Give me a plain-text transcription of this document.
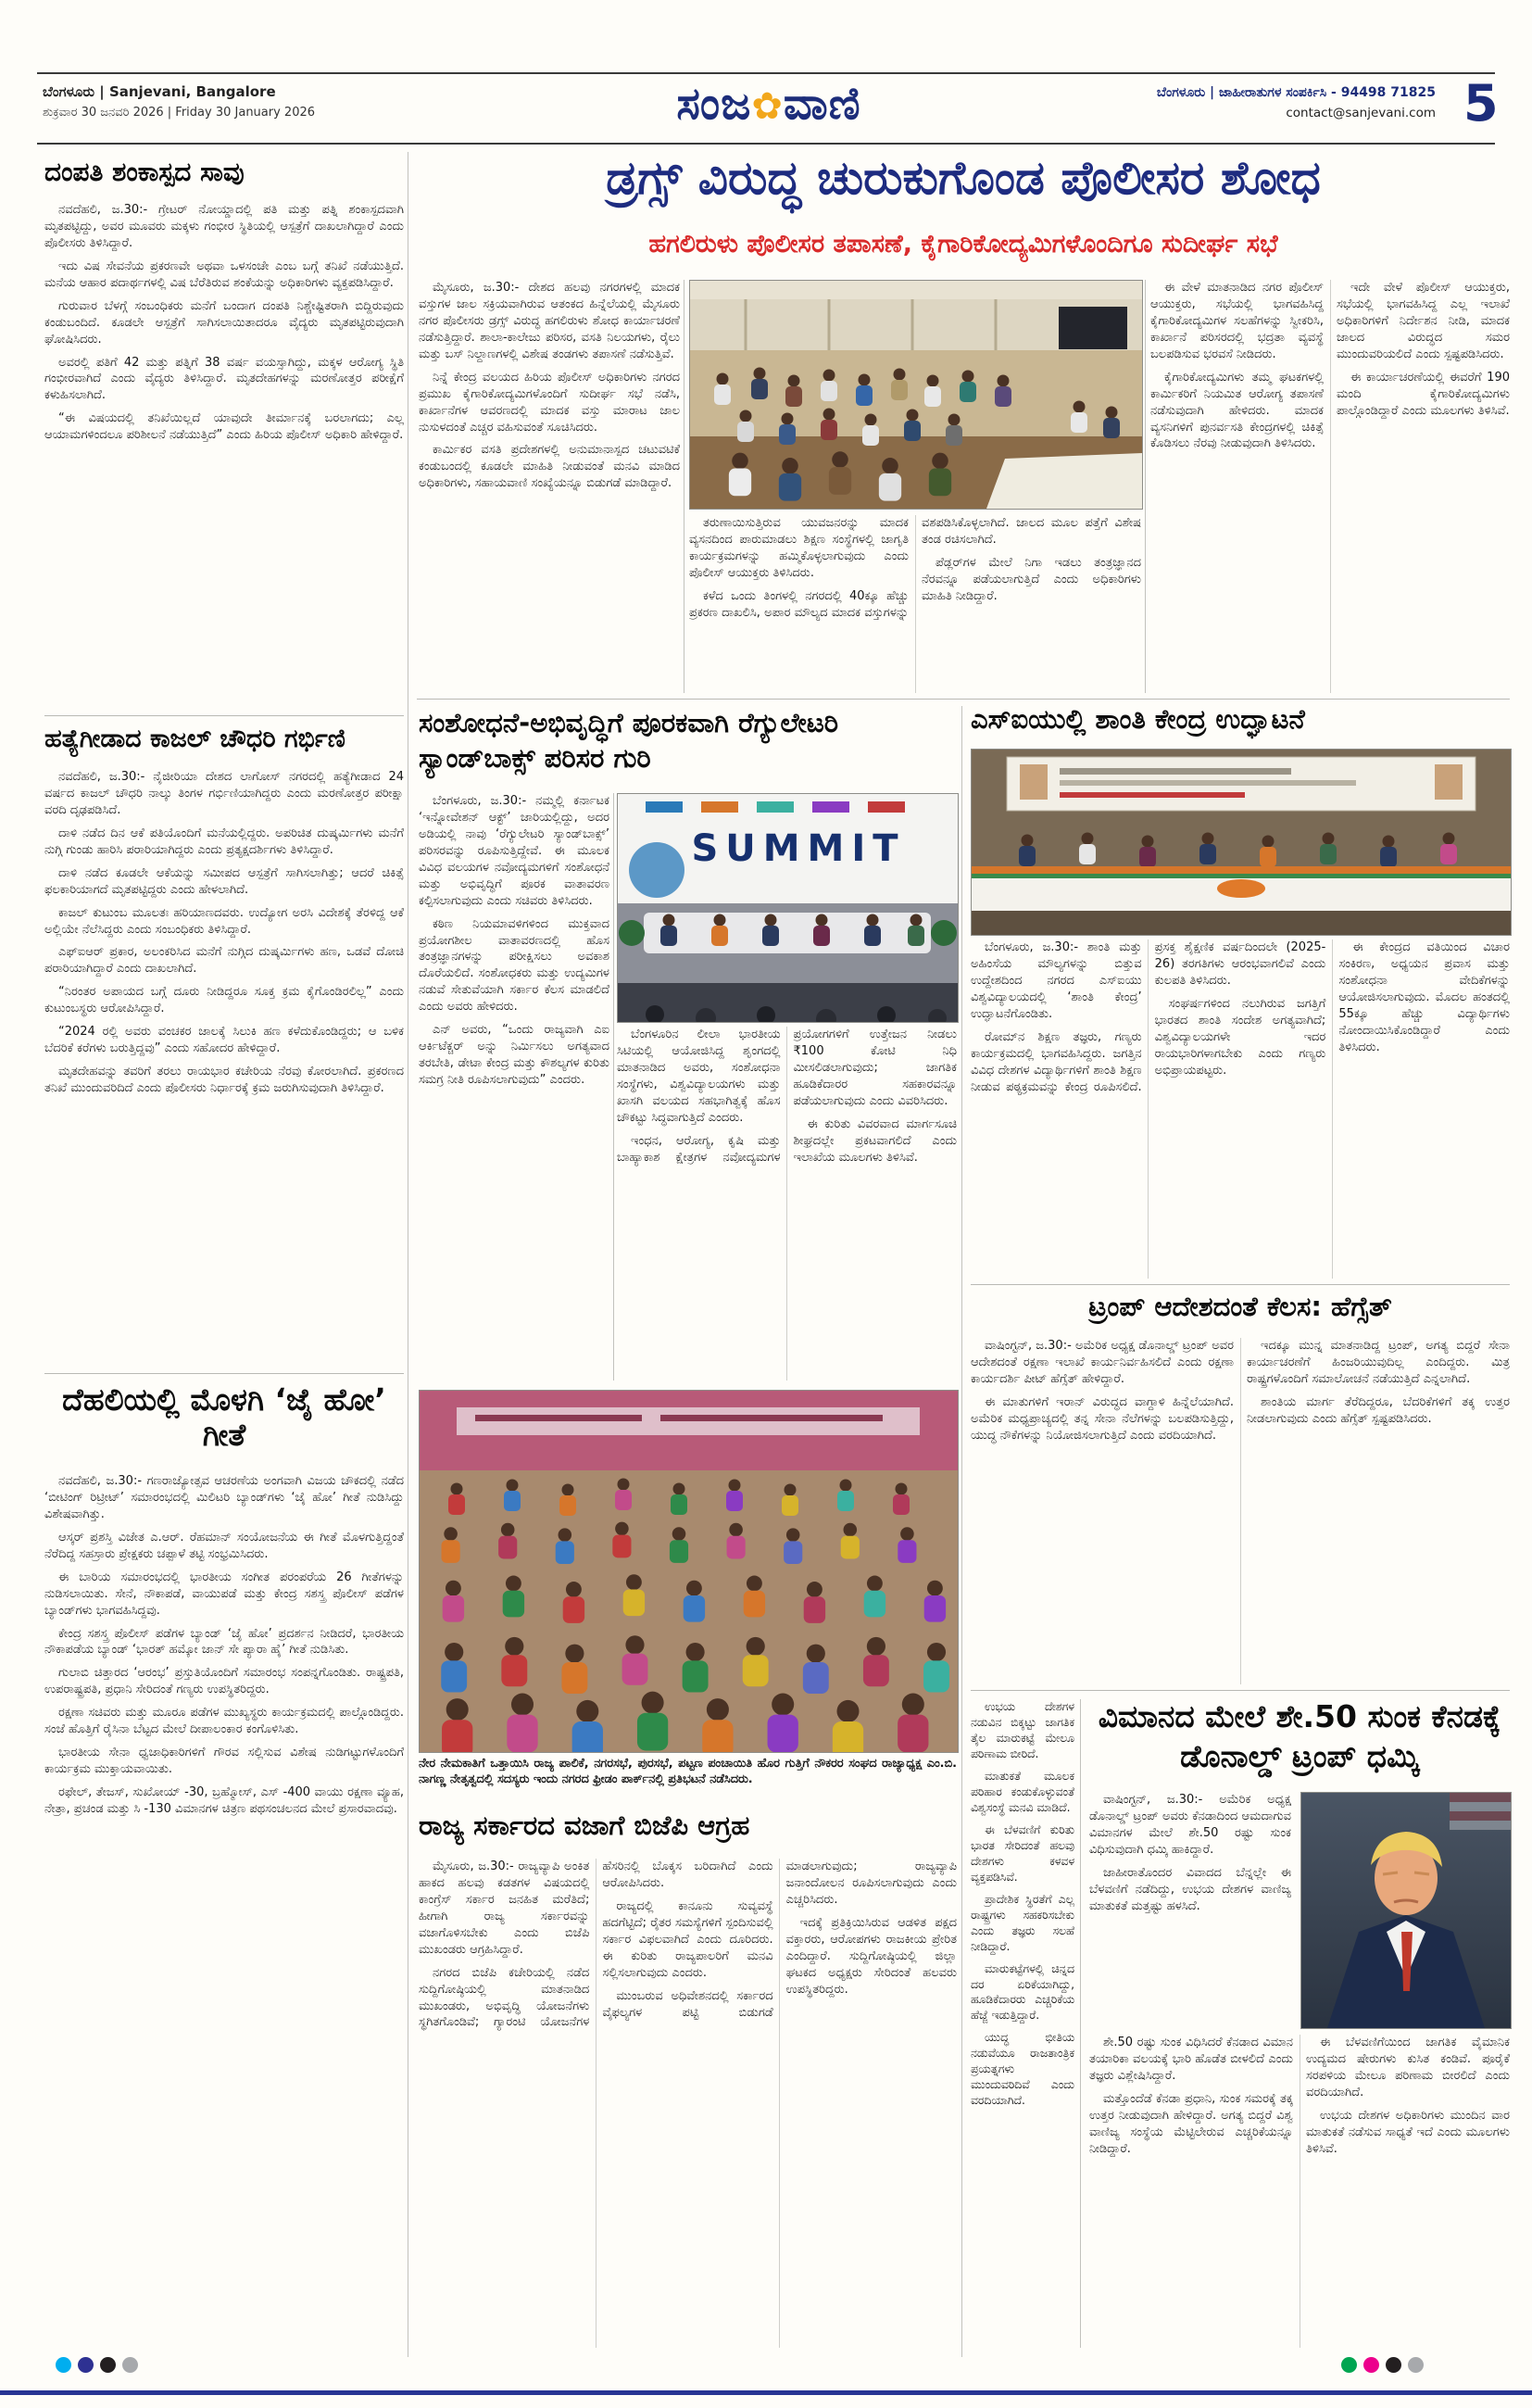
ಬೆಂಗಳೂರು | Sanjevani, Bangalore
ಶುಕ್ರವಾರ 30 ಜನವರಿ 2026 | Friday 30 January 2026	ಸಂಜ✿ವಾಣಿ	ಬೆಂಗಳೂರು | ಜಾಹೀರಾತುಗಳ ಸಂಪರ್ಕಿಸಿ - 94498 71825
contact@sanjevani.com 5
ದಂಪತಿ ಶಂಕಾಸ್ಪದ ಸಾವು

ನವದೆಹಲಿ, ಜ.30:- ಗ್ರೇಟರ್ ನೋಯ್ಡಾದಲ್ಲಿ ಪತಿ ಮತ್ತು ಪತ್ನಿ ಶಂಕಾಸ್ಪದವಾಗಿ ಮೃತಪಟ್ಟಿದ್ದು, ಅವರ ಮೂವರು ಮಕ್ಕಳು ಗಂಭೀರ ಸ್ಥಿತಿಯಲ್ಲಿ ಆಸ್ಪತ್ರೆಗೆ ದಾಖಲಾಗಿದ್ದಾರೆ ಎಂದು ಪೊಲೀಸರು ತಿಳಿಸಿದ್ದಾರೆ.

ಇದು ವಿಷ ಸೇವನೆಯ ಪ್ರಕರಣವೇ ಅಥವಾ ಒಳಸಂಚೇ ಎಂಬ ಬಗ್ಗೆ ತನಿಖೆ ನಡೆಯುತ್ತಿದೆ. ಮನೆಯ ಆಹಾರ ಪದಾರ್ಥಗಳಲ್ಲಿ ವಿಷ ಬೆರೆತಿರುವ ಶಂಕೆಯನ್ನು ಅಧಿಕಾರಿಗಳು ವ್ಯಕ್ತಪಡಿಸಿದ್ದಾರೆ.

ಗುರುವಾರ ಬೆಳಗ್ಗೆ ಸಂಬಂಧಿಕರು ಮನೆಗೆ ಬಂದಾಗ ದಂಪತಿ ನಿಶ್ಚೇಷ್ಟಿತರಾಗಿ ಬಿದ್ದಿರುವುದು ಕಂಡುಬಂದಿದೆ. ಕೂಡಲೇ ಆಸ್ಪತ್ರೆಗೆ ಸಾಗಿಸಲಾಯಿತಾದರೂ ವೈದ್ಯರು ಮೃತಪಟ್ಟಿರುವುದಾಗಿ ಘೋಷಿಸಿದರು.

ಅವರಲ್ಲಿ ಪತಿಗೆ 42 ಮತ್ತು ಪತ್ನಿಗೆ 38 ವರ್ಷ ವಯಸ್ಸಾಗಿದ್ದು, ಮಕ್ಕಳ ಆರೋಗ್ಯ ಸ್ಥಿತಿ ಗಂಭೀರವಾಗಿದೆ ಎಂದು ವೈದ್ಯರು ತಿಳಿಸಿದ್ದಾರೆ. ಮೃತದೇಹಗಳನ್ನು ಮರಣೋತ್ತರ ಪರೀಕ್ಷೆಗೆ ಕಳುಹಿಸಲಾಗಿದೆ.

“ಈ ವಿಷಯದಲ್ಲಿ ತನಿಖೆಯಿಲ್ಲದೆ ಯಾವುದೇ ತೀರ್ಮಾನಕ್ಕೆ ಬರಲಾಗದು; ಎಲ್ಲ ಆಯಾಮಗಳಿಂದಲೂ ಪರಿಶೀಲನೆ ನಡೆಯುತ್ತಿದೆ” ಎಂದು ಹಿರಿಯ ಪೊಲೀಸ್ ಅಧಿಕಾರಿ ಹೇಳಿದ್ದಾರೆ.

ಹತ್ಯೆಗೀಡಾದ ಕಾಜಲ್ ಚೌಧರಿ ಗರ್ಭಿಣಿ

ನವದೆಹಲಿ, ಜ.30:- ನೈಜೀರಿಯಾ ದೇಶದ ಲಾಗೋಸ್ ನಗರದಲ್ಲಿ ಹತ್ಯೆಗೀಡಾದ 24 ವರ್ಷದ ಕಾಜಲ್ ಚೌಧರಿ ನಾಲ್ಕು ತಿಂಗಳ ಗರ್ಭಿಣಿಯಾಗಿದ್ದರು ಎಂದು ಮರಣೋತ್ತರ ಪರೀಕ್ಷಾ ವರದಿ ದೃಢಪಡಿಸಿದೆ.

ದಾಳಿ ನಡೆದ ದಿನ ಆಕೆ ಪತಿಯೊಂದಿಗೆ ಮನೆಯಲ್ಲಿದ್ದರು. ಅಪರಿಚಿತ ದುಷ್ಕರ್ಮಿಗಳು ಮನೆಗೆ ನುಗ್ಗಿ ಗುಂಡು ಹಾರಿಸಿ ಪರಾರಿಯಾಗಿದ್ದರು ಎಂದು ಪ್ರತ್ಯಕ್ಷದರ್ಶಿಗಳು ತಿಳಿಸಿದ್ದಾರೆ.

ದಾಳಿ ನಡೆದ ಕೂಡಲೇ ಆಕೆಯನ್ನು ಸಮೀಪದ ಆಸ್ಪತ್ರೆಗೆ ಸಾಗಿಸಲಾಗಿತ್ತು; ಆದರೆ ಚಿಕಿತ್ಸೆ ಫಲಕಾರಿಯಾಗದೆ ಮೃತಪಟ್ಟಿದ್ದರು ಎಂದು ಹೇಳಲಾಗಿದೆ.

ಕಾಜಲ್ ಕುಟುಂಬ ಮೂಲತಃ ಹರಿಯಾಣದವರು. ಉದ್ಯೋಗ ಅರಸಿ ವಿದೇಶಕ್ಕೆ ತೆರಳಿದ್ದ ಆಕೆ ಅಲ್ಲಿಯೇ ನೆಲೆಸಿದ್ದರು ಎಂದು ಸಂಬಂಧಿಕರು ತಿಳಿಸಿದ್ದಾರೆ.

ಎಫ್‌ಐಆರ್ ಪ್ರಕಾರ, ಅಲಂಕರಿಸಿದ ಮನೆಗೆ ನುಗ್ಗಿದ ದುಷ್ಕರ್ಮಿಗಳು ಹಣ, ಒಡವೆ ದೋಚಿ ಪರಾರಿಯಾಗಿದ್ದಾರೆ ಎಂದು ದಾಖಲಾಗಿದೆ.

“ನಿರಂತರ ಅಪಾಯದ ಬಗ್ಗೆ ದೂರು ನೀಡಿದ್ದರೂ ಸೂಕ್ತ ಕ್ರಮ ಕೈಗೊಂಡಿರಲಿಲ್ಲ” ಎಂದು ಕುಟುಂಬಸ್ಥರು ಆರೋಪಿಸಿದ್ದಾರೆ.

“2024 ರಲ್ಲಿ ಅವರು ವಂಚಕರ ಜಾಲಕ್ಕೆ ಸಿಲುಕಿ ಹಣ ಕಳೆದುಕೊಂಡಿದ್ದರು; ಆ ಬಳಿಕ ಬೆದರಿಕೆ ಕರೆಗಳು ಬರುತ್ತಿದ್ದವು” ಎಂದು ಸಹೋದರ ಹೇಳಿದ್ದಾರೆ.

ಮೃತದೇಹವನ್ನು ತವರಿಗೆ ತರಲು ರಾಯಭಾರ ಕಚೇರಿಯ ನೆರವು ಕೋರಲಾಗಿದೆ. ಪ್ರಕರಣದ ತನಿಖೆ ಮುಂದುವರಿದಿದೆ ಎಂದು ಪೊಲೀಸರು ನಿರ್ಧಾರಕ್ಕೆ ಕ್ರಮ ಜರುಗಿಸುವುದಾಗಿ ತಿಳಿಸಿದ್ದಾರೆ.

ದೆಹಲಿಯಲ್ಲಿ ಮೊಳಗಿ ‘ಜೈ ಹೋ’ ಗೀತೆ

ನವದೆಹಲಿ, ಜ.30:- ಗಣರಾಜ್ಯೋತ್ಸವ ಆಚರಣೆಯ ಅಂಗವಾಗಿ ವಿಜಯ ಚೌಕದಲ್ಲಿ ನಡೆದ ‘ಬೀಟಿಂಗ್ ರಿಟ್ರೀಟ್’ ಸಮಾರಂಭದಲ್ಲಿ ಮಿಲಿಟರಿ ಬ್ಯಾಂಡ್‌ಗಳು ‘ಜೈ ಹೋ’ ಗೀತೆ ನುಡಿಸಿದ್ದು ವಿಶೇಷವಾಗಿತ್ತು.

ಆಸ್ಕರ್ ಪ್ರಶಸ್ತಿ ವಿಜೇತ ಎ.ಆರ್. ರೆಹಮಾನ್ ಸಂಯೋಜನೆಯ ಈ ಗೀತೆ ಮೊಳಗುತ್ತಿದ್ದಂತೆ ನೆರೆದಿದ್ದ ಸಹಸ್ರಾರು ಪ್ರೇಕ್ಷಕರು ಚಪ್ಪಾಳೆ ತಟ್ಟಿ ಸಂಭ್ರಮಿಸಿದರು.

ಈ ಬಾರಿಯ ಸಮಾರಂಭದಲ್ಲಿ ಭಾರತೀಯ ಸಂಗೀತ ಪರಂಪರೆಯ 26 ಗೀತೆಗಳನ್ನು ನುಡಿಸಲಾಯಿತು. ಸೇನೆ, ನೌಕಾಪಡೆ, ವಾಯುಪಡೆ ಮತ್ತು ಕೇಂದ್ರ ಸಶಸ್ತ್ರ ಪೊಲೀಸ್ ಪಡೆಗಳ ಬ್ಯಾಂಡ್‌ಗಳು ಭಾಗವಹಿಸಿದ್ದವು.

ಕೇಂದ್ರ ಸಶಸ್ತ್ರ ಪೊಲೀಸ್ ಪಡೆಗಳ ಬ್ಯಾಂಡ್ ‘ಜೈ ಹೋ’ ಪ್ರದರ್ಶನ ನೀಡಿದರೆ, ಭಾರತೀಯ ನೌಕಾಪಡೆಯ ಬ್ಯಾಂಡ್ ‘ಭಾರತ್ ಹಮ್ಕೋ ಜಾನ್ ಸೇ ಪ್ಯಾರಾ ಹೈ’ ಗೀತೆ ನುಡಿಸಿತು.

ಗುಲಾಬಿ ಚಿತ್ತಾರದ ‘ಆರಂಭ’ ಪ್ರಸ್ತುತಿಯೊಂದಿಗೆ ಸಮಾರಂಭ ಸಂಪನ್ನಗೊಂಡಿತು. ರಾಷ್ಟ್ರಪತಿ, ಉಪರಾಷ್ಟ್ರಪತಿ, ಪ್ರಧಾನಿ ಸೇರಿದಂತೆ ಗಣ್ಯರು ಉಪಸ್ಥಿತರಿದ್ದರು.

ರಕ್ಷಣಾ ಸಚಿವರು ಮತ್ತು ಮೂರೂ ಪಡೆಗಳ ಮುಖ್ಯಸ್ಥರು ಕಾರ್ಯಕ್ರಮದಲ್ಲಿ ಪಾಲ್ಗೊಂಡಿದ್ದರು. ಸಂಜೆ ಹೊತ್ತಿಗೆ ರೈಸಿನಾ ಬೆಟ್ಟದ ಮೇಲೆ ದೀಪಾಲಂಕಾರ ಕಂಗೊಳಿಸಿತು.

ಭಾರತೀಯ ಸೇನಾ ಧ್ವಜಾಧಿಕಾರಿಗಳಿಗೆ ಗೌರವ ಸಲ್ಲಿಸುವ ವಿಶೇಷ ನುಡಿಗಟ್ಟುಗಳೊಂದಿಗೆ ಕಾರ್ಯಕ್ರಮ ಮುಕ್ತಾಯವಾಯಿತು.

ರಫೇಲ್, ತೇಜಸ್, ಸುಖೋಯ್ -30, ಬ್ರಹ್ಮೋಸ್, ಎಸ್ -400 ವಾಯು ರಕ್ಷಣಾ ವ್ಯೂಹ, ನೇತ್ರಾ, ಪ್ರಚಂಡ ಮತ್ತು ಸಿ -130 ವಿಮಾನಗಳ ಚಿತ್ರಣ ಪಥಸಂಚಲನದ ಮೇಲೆ ಪ್ರಸಾರವಾದವು.

ಡ್ರಗ್ಸ್ ವಿರುದ್ಧ ಚುರುಕುಗೊಂಡ ಪೊಲೀಸರ ಶೋಧ
ಹಗಲಿರುಳು ಪೊಲೀಸರ ತಪಾಸಣೆ, ಕೈಗಾರಿಕೋದ್ಯಮಿಗಳೊಂದಿಗೂ ಸುದೀರ್ಘ ಸಭೆ

ಮೈಸೂರು, ಜ.30:- ದೇಶದ ಹಲವು ನಗರಗಳಲ್ಲಿ ಮಾದಕ ವಸ್ತುಗಳ ಜಾಲ ಸಕ್ರಿಯವಾಗಿರುವ ಆತಂಕದ ಹಿನ್ನೆಲೆಯಲ್ಲಿ ಮೈಸೂರು ನಗರ ಪೊಲೀಸರು ಡ್ರಗ್ಸ್ ವಿರುದ್ಧ ಹಗಲಿರುಳು ಶೋಧ ಕಾರ್ಯಾಚರಣೆ ನಡೆಸುತ್ತಿದ್ದಾರೆ. ಶಾಲಾ-ಕಾಲೇಜು ಪರಿಸರ, ವಸತಿ ನಿಲಯಗಳು, ರೈಲು ಮತ್ತು ಬಸ್ ನಿಲ್ದಾಣಗಳಲ್ಲಿ ವಿಶೇಷ ತಂಡಗಳು ತಪಾಸಣೆ ನಡೆಸುತ್ತಿವೆ.

ನಿನ್ನೆ ಕೇಂದ್ರ ವಲಯದ ಹಿರಿಯ ಪೊಲೀಸ್ ಅಧಿಕಾರಿಗಳು ನಗರದ ಪ್ರಮುಖ ಕೈಗಾರಿಕೋದ್ಯಮಿಗಳೊಂದಿಗೆ ಸುದೀರ್ಘ ಸಭೆ ನಡೆಸಿ, ಕಾರ್ಖಾನೆಗಳ ಆವರಣದಲ್ಲಿ ಮಾದಕ ವಸ್ತು ಮಾರಾಟ ಜಾಲ ನುಸುಳದಂತೆ ಎಚ್ಚರ ವಹಿಸುವಂತೆ ಸೂಚಿಸಿದರು.

ಕಾರ್ಮಿಕರ ವಸತಿ ಪ್ರದೇಶಗಳಲ್ಲಿ ಅನುಮಾನಾಸ್ಪದ ಚಟುವಟಿಕೆ ಕಂಡುಬಂದಲ್ಲಿ ಕೂಡಲೇ ಮಾಹಿತಿ ನೀಡುವಂತೆ ಮನವಿ ಮಾಡಿದ ಅಧಿಕಾರಿಗಳು, ಸಹಾಯವಾಣಿ ಸಂಖ್ಯೆಯನ್ನೂ ಬಿಡುಗಡೆ ಮಾಡಿದ್ದಾರೆ.

ತರುಣಾಯಿಸುತ್ತಿರುವ ಯುವಜನರನ್ನು ಮಾದಕ ವ್ಯಸನದಿಂದ ಪಾರುಮಾಡಲು ಶಿಕ್ಷಣ ಸಂಸ್ಥೆಗಳಲ್ಲಿ ಜಾಗೃತಿ ಕಾರ್ಯಕ್ರಮಗಳನ್ನು ಹಮ್ಮಿಕೊಳ್ಳಲಾಗುವುದು ಎಂದು ಪೊಲೀಸ್ ಆಯುಕ್ತರು ತಿಳಿಸಿದರು.

ಕಳೆದ ಒಂದು ತಿಂಗಳಲ್ಲಿ ನಗರದಲ್ಲಿ 40ಕ್ಕೂ ಹೆಚ್ಚು ಪ್ರಕರಣ ದಾಖಲಿಸಿ, ಅಪಾರ ಮೌಲ್ಯದ ಮಾದಕ ವಸ್ತುಗಳನ್ನು ವಶಪಡಿಸಿಕೊಳ್ಳಲಾಗಿದೆ. ಜಾಲದ ಮೂಲ ಪತ್ತೆಗೆ ವಿಶೇಷ ತಂಡ ರಚಿಸಲಾಗಿದೆ.

ಪೆಡ್ಲರ್‌ಗಳ ಮೇಲೆ ನಿಗಾ ಇಡಲು ತಂತ್ರಜ್ಞಾನದ ನೆರವನ್ನೂ ಪಡೆಯಲಾಗುತ್ತಿದೆ ಎಂದು ಅಧಿಕಾರಿಗಳು ಮಾಹಿತಿ ನೀಡಿದ್ದಾರೆ.

ಈ ವೇಳೆ ಮಾತನಾಡಿದ ನಗರ ಪೊಲೀಸ್ ಆಯುಕ್ತರು, ಸಭೆಯಲ್ಲಿ ಭಾಗವಹಿಸಿದ್ದ ಕೈಗಾರಿಕೋದ್ಯಮಿಗಳ ಸಲಹೆಗಳನ್ನು ಸ್ವೀಕರಿಸಿ, ಕಾರ್ಖಾನೆ ಪರಿಸರದಲ್ಲಿ ಭದ್ರತಾ ವ್ಯವಸ್ಥೆ ಬಲಪಡಿಸುವ ಭರವಸೆ ನೀಡಿದರು.

ಕೈಗಾರಿಕೋದ್ಯಮಿಗಳು ತಮ್ಮ ಘಟಕಗಳಲ್ಲಿ ಕಾರ್ಮಿಕರಿಗೆ ನಿಯಮಿತ ಆರೋಗ್ಯ ತಪಾಸಣೆ ನಡೆಸುವುದಾಗಿ ಹೇಳಿದರು. ಮಾದಕ ವ್ಯಸನಿಗಳಿಗೆ ಪುನರ್ವಸತಿ ಕೇಂದ್ರಗಳಲ್ಲಿ ಚಿಕಿತ್ಸೆ ಕೊಡಿಸಲು ನೆರವು ನೀಡುವುದಾಗಿ ತಿಳಿಸಿದರು.

ಇದೇ ವೇಳೆ ಪೊಲೀಸ್ ಆಯುಕ್ತರು, ಸಭೆಯಲ್ಲಿ ಭಾಗವಹಿಸಿದ್ದ ಎಲ್ಲ ಇಲಾಖೆ ಅಧಿಕಾರಿಗಳಿಗೆ ನಿರ್ದೇಶನ ನೀಡಿ, ಮಾದಕ ಜಾಲದ ವಿರುದ್ಧದ ಸಮರ ಮುಂದುವರಿಯಲಿದೆ ಎಂದು ಸ್ಪಷ್ಟಪಡಿಸಿದರು.

ಈ ಕಾರ್ಯಾಚರಣೆಯಲ್ಲಿ ಈವರೆಗೆ 190 ಮಂದಿ ಕೈಗಾರಿಕೋದ್ಯಮಿಗಳು ಪಾಲ್ಗೊಂಡಿದ್ದಾರೆ ಎಂದು ಮೂಲಗಳು ತಿಳಿಸಿವೆ.

ಸಂಶೋಧನೆ-ಅಭಿವೃದ್ಧಿಗೆ ಪೂರಕವಾಗಿ ರೆಗ್ಯುಲೇಟರಿ ಸ್ಯಾಂಡ್‌ಬಾಕ್ಸ್ ಪರಿಸರ ಗುರಿ

ಬೆಂಗಳೂರು, ಜ.30:- ನಮ್ಮಲ್ಲಿ ಕರ್ನಾಟಕ ‘ಇನ್ನೋವೇಶನ್ ಆಕ್ಟ್’ ಜಾರಿಯಲ್ಲಿದ್ದು, ಅದರ ಅಡಿಯಲ್ಲಿ ನಾವು ‘ರೆಗ್ಯುಲೇಟರಿ ಸ್ಯಾಂಡ್‌ಬಾಕ್ಸ್’ ಪರಿಸರವನ್ನು ರೂಪಿಸುತ್ತಿದ್ದೇವೆ. ಈ ಮೂಲಕ ವಿವಿಧ ವಲಯಗಳ ನವೋದ್ಯಮಗಳಿಗೆ ಸಂಶೋಧನೆ ಮತ್ತು ಅಭಿವೃದ್ಧಿಗೆ ಪೂರಕ ವಾತಾವರಣ ಕಲ್ಪಿಸಲಾಗುವುದು ಎಂದು ಸಚಿವರು ತಿಳಿಸಿದರು.

ಕಠಿಣ ನಿಯಮಾವಳಿಗಳಿಂದ ಮುಕ್ತವಾದ ಪ್ರಯೋಗಶೀಲ ವಾತಾವರಣದಲ್ಲಿ ಹೊಸ ತಂತ್ರಜ್ಞಾನಗಳನ್ನು ಪರೀಕ್ಷಿಸಲು ಅವಕಾಶ ದೊರೆಯಲಿದೆ. ಸಂಶೋಧಕರು ಮತ್ತು ಉದ್ಯಮಿಗಳ ನಡುವೆ ಸೇತುವೆಯಾಗಿ ಸರ್ಕಾರ ಕೆಲಸ ಮಾಡಲಿದೆ ಎಂದು ಅವರು ಹೇಳಿದರು.

ಎನ್ ಅವರು, “ಒಂದು ರಾಜ್ಯವಾಗಿ ಎಐ ಆರ್ಕಿಟೆಕ್ಚರ್ ಅನ್ನು ನಿರ್ಮಿಸಲು ಅಗತ್ಯವಾದ ತರಬೇತಿ, ಡೇಟಾ ಕೇಂದ್ರ ಮತ್ತು ಕೌಶಲ್ಯಗಳ ಕುರಿತು ಸಮಗ್ರ ನೀತಿ ರೂಪಿಸಲಾಗುವುದು” ಎಂದರು.

SUMMIT

ಬೆಂಗಳೂರಿನ ಲೀಲಾ ಭಾರತೀಯ ಸಿಟಿಯಲ್ಲಿ ಆಯೋಜಿಸಿದ್ದ ಶೃಂಗದಲ್ಲಿ ಮಾತನಾಡಿದ ಅವರು, ಸಂಶೋಧನಾ ಸಂಸ್ಥೆಗಳು, ವಿಶ್ವವಿದ್ಯಾಲಯಗಳು ಮತ್ತು ಖಾಸಗಿ ವಲಯದ ಸಹಭಾಗಿತ್ವಕ್ಕೆ ಹೊಸ ಚೌಕಟ್ಟು ಸಿದ್ಧವಾಗುತ್ತಿದೆ ಎಂದರು.

ಇಂಧನ, ಆರೋಗ್ಯ, ಕೃಷಿ ಮತ್ತು ಬಾಹ್ಯಾಕಾಶ ಕ್ಷೇತ್ರಗಳ ನವೋದ್ಯಮಗಳ ಪ್ರಯೋಗಗಳಿಗೆ ಉತ್ತೇಜನ ನೀಡಲು ₹100 ಕೋಟಿ ನಿಧಿ ಮೀಸಲಿಡಲಾಗುವುದು; ಜಾಗತಿಕ ಹೂಡಿಕೆದಾರರ ಸಹಕಾರವನ್ನೂ ಪಡೆಯಲಾಗುವುದು ಎಂದು ವಿವರಿಸಿದರು.

ಈ ಕುರಿತು ವಿವರವಾದ ಮಾರ್ಗಸೂಚಿ ಶೀಘ್ರದಲ್ಲೇ ಪ್ರಕಟವಾಗಲಿದೆ ಎಂದು ಇಲಾಖೆಯ ಮೂಲಗಳು ತಿಳಿಸಿವೆ.

ಎಸ್‌ಐಯುಲ್ಲಿ ಶಾಂತಿ ಕೇಂದ್ರ ಉದ್ಘಾಟನೆ

ಬೆಂಗಳೂರು, ಜ.30:- ಶಾಂತಿ ಮತ್ತು ಅಹಿಂಸೆಯ ಮೌಲ್ಯಗಳನ್ನು ಬಿತ್ತುವ ಉದ್ದೇಶದಿಂದ ನಗರದ ಎಸ್‌ಐಯು ವಿಶ್ವವಿದ್ಯಾಲಯದಲ್ಲಿ ‘ಶಾಂತಿ ಕೇಂದ್ರ’ ಉದ್ಘಾಟನೆಗೊಂಡಿತು.

ರೋಮ್‌ನ ಶಿಕ್ಷಣ ತಜ್ಞರು, ಗಣ್ಯರು ಕಾರ್ಯಕ್ರಮದಲ್ಲಿ ಭಾಗವಹಿಸಿದ್ದರು. ಜಗತ್ತಿನ ವಿವಿಧ ದೇಶಗಳ ವಿದ್ಯಾರ್ಥಿಗಳಿಗೆ ಶಾಂತಿ ಶಿಕ್ಷಣ ನೀಡುವ ಪಠ್ಯಕ್ರಮವನ್ನು ಕೇಂದ್ರ ರೂಪಿಸಲಿದೆ. ಪ್ರಸಕ್ತ ಶೈಕ್ಷಣಿಕ ವರ್ಷದಿಂದಲೇ (2025-26) ತರಗತಿಗಳು ಆರಂಭವಾಗಲಿವೆ ಎಂದು ಕುಲಪತಿ ತಿಳಿಸಿದರು.

ಸಂಘರ್ಷಗಳಿಂದ ನಲುಗಿರುವ ಜಗತ್ತಿಗೆ ಭಾರತದ ಶಾಂತಿ ಸಂದೇಶ ಅಗತ್ಯವಾಗಿದೆ; ವಿಶ್ವವಿದ್ಯಾಲಯಗಳೇ ಇದರ ರಾಯಭಾರಿಗಳಾಗಬೇಕು ಎಂದು ಗಣ್ಯರು ಅಭಿಪ್ರಾಯಪಟ್ಟರು.

ಈ ಕೇಂದ್ರದ ವತಿಯಿಂದ ವಿಚಾರ ಸಂಕಿರಣ, ಅಧ್ಯಯನ ಪ್ರವಾಸ ಮತ್ತು ಸಂಶೋಧನಾ ವೇದಿಕೆಗಳನ್ನು ಆಯೋಜಿಸಲಾಗುವುದು. ಮೊದಲ ಹಂತದಲ್ಲಿ 55ಕ್ಕೂ ಹೆಚ್ಚು ವಿದ್ಯಾರ್ಥಿಗಳು ನೋಂದಾಯಿಸಿಕೊಂಡಿದ್ದಾರೆ ಎಂದು ತಿಳಿಸಿದರು.

ಟ್ರಂಪ್ ಆದೇಶದಂತೆ ಕೆಲಸ: ಹೆಗ್ಸೆತ್

ವಾಷಿಂಗ್ಟನ್, ಜ.30:- ಅಮೆರಿಕ ಅಧ್ಯಕ್ಷ ಡೊನಾಲ್ಡ್ ಟ್ರಂಪ್ ಅವರ ಆದೇಶದಂತೆ ರಕ್ಷಣಾ ಇಲಾಖೆ ಕಾರ್ಯನಿರ್ವಹಿಸಲಿದೆ ಎಂದು ರಕ್ಷಣಾ ಕಾರ್ಯದರ್ಶಿ ಪೀಟ್ ಹೆಗ್ಸೆತ್ ಹೇಳಿದ್ದಾರೆ.

ಈ ಮಾತುಗಳಿಗೆ ಇರಾನ್ ವಿರುದ್ಧದ ವಾಗ್ದಾಳಿ ಹಿನ್ನೆಲೆಯಾಗಿದೆ. ಅಮೆರಿಕ ಮಧ್ಯಪ್ರಾಚ್ಯದಲ್ಲಿ ತನ್ನ ಸೇನಾ ನೆಲೆಗಳನ್ನು ಬಲಪಡಿಸುತ್ತಿದ್ದು, ಯುದ್ಧ ನೌಕೆಗಳನ್ನು ನಿಯೋಜಿಸಲಾಗುತ್ತಿದೆ ಎಂದು ವರದಿಯಾಗಿದೆ.

ಇದಕ್ಕೂ ಮುನ್ನ ಮಾತನಾಡಿದ್ದ ಟ್ರಂಪ್, ಅಗತ್ಯ ಬಿದ್ದರೆ ಸೇನಾ ಕಾರ್ಯಾಚರಣೆಗೆ ಹಿಂಜರಿಯುವುದಿಲ್ಲ ಎಂದಿದ್ದರು. ಮಿತ್ರ ರಾಷ್ಟ್ರಗಳೊಂದಿಗೆ ಸಮಾಲೋಚನೆ ನಡೆಯುತ್ತಿದೆ ಎನ್ನಲಾಗಿದೆ.

ಶಾಂತಿಯ ಮಾರ್ಗ ತೆರೆದಿದ್ದರೂ, ಬೆದರಿಕೆಗಳಿಗೆ ತಕ್ಕ ಉತ್ತರ ನೀಡಲಾಗುವುದು ಎಂದು ಹೆಗ್ಸೆತ್ ಸ್ಪಷ್ಟಪಡಿಸಿದರು.

ಉಭಯ ದೇಶಗಳ ನಡುವಿನ ಬಿಕ್ಕಟ್ಟು ಜಾಗತಿಕ ತೈಲ ಮಾರುಕಟ್ಟೆ ಮೇಲೂ ಪರಿಣಾಮ ಬೀರಿದೆ.

ಮಾತುಕತೆ ಮೂಲಕ ಪರಿಹಾರ ಕಂಡುಕೊಳ್ಳುವಂತೆ ವಿಶ್ವಸಂಸ್ಥೆ ಮನವಿ ಮಾಡಿದೆ.

ಈ ಬೆಳವಣಿಗೆ ಕುರಿತು ಭಾರತ ಸೇರಿದಂತೆ ಹಲವು ದೇಶಗಳು ಕಳವಳ ವ್ಯಕ್ತಪಡಿಸಿವೆ.

ಪ್ರಾದೇಶಿಕ ಸ್ಥಿರತೆಗೆ ಎಲ್ಲ ರಾಷ್ಟ್ರಗಳು ಸಹಕರಿಸಬೇಕು ಎಂದು ತಜ್ಞರು ಸಲಹೆ ನೀಡಿದ್ದಾರೆ.

ಮಾರುಕಟ್ಟೆಗಳಲ್ಲಿ ಚಿನ್ನದ ದರ ಏರಿಕೆಯಾಗಿದ್ದು, ಹೂಡಿಕೆದಾರರು ಎಚ್ಚರಿಕೆಯ ಹೆಜ್ಜೆ ಇಡುತ್ತಿದ್ದಾರೆ.

ಯುದ್ಧ ಭೀತಿಯ ನಡುವೆಯೂ ರಾಜತಾಂತ್ರಿಕ ಪ್ರಯತ್ನಗಳು ಮುಂದುವರಿದಿವೆ ಎಂದು ವರದಿಯಾಗಿದೆ.

ವಿಮಾನದ ಮೇಲೆ ಶೇ.50 ಸುಂಕ ಕೆನಡಕ್ಕೆ ಡೊನಾಲ್ಡ್ ಟ್ರಂಪ್ ಧಮ್ಕಿ

ವಾಷಿಂಗ್ಟನ್, ಜ.30:- ಅಮೆರಿಕ ಅಧ್ಯಕ್ಷ ಡೊನಾಲ್ಡ್ ಟ್ರಂಪ್ ಅವರು ಕೆನಡಾದಿಂದ ಆಮದಾಗುವ ವಿಮಾನಗಳ ಮೇಲೆ ಶೇ.50 ರಷ್ಟು ಸುಂಕ ವಿಧಿಸುವುದಾಗಿ ಧಮ್ಕಿ ಹಾಕಿದ್ದಾರೆ.

ಜಾಹೀರಾತೊಂದರ ವಿವಾದದ ಬೆನ್ನಲ್ಲೇ ಈ ಬೆಳವಣಿಗೆ ನಡೆದಿದ್ದು, ಉಭಯ ದೇಶಗಳ ವಾಣಿಜ್ಯ ಮಾತುಕತೆ ಮತ್ತಷ್ಟು ಹಳಸಿದೆ.

ಶೇ.50 ರಷ್ಟು ಸುಂಕ ವಿಧಿಸಿದರೆ ಕೆನಡಾದ ವಿಮಾನ ತಯಾರಿಕಾ ವಲಯಕ್ಕೆ ಭಾರಿ ಹೊಡೆತ ಬೀಳಲಿದೆ ಎಂದು ತಜ್ಞರು ವಿಶ್ಲೇಷಿಸಿದ್ದಾರೆ.

ಮತ್ತೊಂದೆಡೆ ಕೆನಡಾ ಪ್ರಧಾನಿ, ಸುಂಕ ಸಮರಕ್ಕೆ ತಕ್ಕ ಉತ್ತರ ನೀಡುವುದಾಗಿ ಹೇಳಿದ್ದಾರೆ. ಅಗತ್ಯ ಬಿದ್ದರೆ ವಿಶ್ವ ವಾಣಿಜ್ಯ ಸಂಸ್ಥೆಯ ಮೆಟ್ಟಿಲೇರುವ ಎಚ್ಚರಿಕೆಯನ್ನೂ ನೀಡಿದ್ದಾರೆ.

ಈ ಬೆಳವಣಿಗೆಯಿಂದ ಜಾಗತಿಕ ವೈಮಾನಿಕ ಉದ್ಯಮದ ಷೇರುಗಳು ಕುಸಿತ ಕಂಡಿವೆ. ಪೂರೈಕೆ ಸರಪಳಿಯ ಮೇಲೂ ಪರಿಣಾಮ ಬೀರಲಿದೆ ಎಂದು ವರದಿಯಾಗಿದೆ.

ಉಭಯ ದೇಶಗಳ ಅಧಿಕಾರಿಗಳು ಮುಂದಿನ ವಾರ ಮಾತುಕತೆ ನಡೆಸುವ ಸಾಧ್ಯತೆ ಇದೆ ಎಂದು ಮೂಲಗಳು ತಿಳಿಸಿವೆ.

ನೇರ ನೇಮಕಾತಿಗೆ ಒತ್ತಾಯಿಸಿ ರಾಜ್ಯ ಪಾಲಿಕೆ, ನಗರಸಭೆ, ಪುರಸಭೆ, ಪಟ್ಟಣ ಪಂಚಾಯಿತಿ ಹೊರ ಗುತ್ತಿಗೆ ನೌಕರರ ಸಂಘದ ರಾಜ್ಯಾಧ್ಯಕ್ಷ ಎಂ.ಬಿ. ನಾಗಣ್ಣ ನೇತೃತ್ವದಲ್ಲಿ ಸದಸ್ಯರು ಇಂದು ನಗರದ ಫ್ರೀಡಂ ಪಾರ್ಕ್‌ನಲ್ಲಿ ಪ್ರತಿಭಟನೆ ನಡೆಸಿದರು.
ರಾಜ್ಯ ಸರ್ಕಾರದ ವಜಾಗೆ ಬಿಜೆಪಿ ಆಗ್ರಹ

ಮೈಸೂರು, ಜ.30:- ರಾಜ್ಯವ್ಯಾಪಿ ಅಂಕಿತ ಹಾಕದ ಹಲವು ಕಡತಗಳ ವಿಷಯದಲ್ಲಿ ಕಾಂಗ್ರೆಸ್ ಸರ್ಕಾರ ಜನಹಿತ ಮರೆತಿದೆ; ಹೀಗಾಗಿ ರಾಜ್ಯ ಸರ್ಕಾರವನ್ನು ವಜಾಗೊಳಿಸಬೇಕು ಎಂದು ಬಿಜೆಪಿ ಮುಖಂಡರು ಆಗ್ರಹಿಸಿದ್ದಾರೆ.

ನಗರದ ಬಿಜೆಪಿ ಕಚೇರಿಯಲ್ಲಿ ನಡೆದ ಸುದ್ದಿಗೋಷ್ಠಿಯಲ್ಲಿ ಮಾತನಾಡಿದ ಮುಖಂಡರು, ಅಭಿವೃದ್ಧಿ ಯೋಜನೆಗಳು ಸ್ಥಗಿತಗೊಂಡಿವೆ; ಗ್ಯಾರಂಟಿ ಯೋಜನೆಗಳ ಹೆಸರಿನಲ್ಲಿ ಬೊಕ್ಕಸ ಬರಿದಾಗಿದೆ ಎಂದು ಆರೋಪಿಸಿದರು.

ರಾಜ್ಯದಲ್ಲಿ ಕಾನೂನು ಸುವ್ಯವಸ್ಥೆ ಹದಗೆಟ್ಟಿದೆ; ರೈತರ ಸಮಸ್ಯೆಗಳಿಗೆ ಸ್ಪಂದಿಸುವಲ್ಲಿ ಸರ್ಕಾರ ವಿಫಲವಾಗಿದೆ ಎಂದು ದೂರಿದರು. ಈ ಕುರಿತು ರಾಜ್ಯಪಾಲರಿಗೆ ಮನವಿ ಸಲ್ಲಿಸಲಾಗುವುದು ಎಂದರು.

ಮುಂಬರುವ ಅಧಿವೇಶನದಲ್ಲಿ ಸರ್ಕಾರದ ವೈಫಲ್ಯಗಳ ಪಟ್ಟಿ ಬಿಡುಗಡೆ ಮಾಡಲಾಗುವುದು; ರಾಜ್ಯವ್ಯಾಪಿ ಜನಾಂದೋಲನ ರೂಪಿಸಲಾಗುವುದು ಎಂದು ಎಚ್ಚರಿಸಿದರು.

ಇದಕ್ಕೆ ಪ್ರತಿಕ್ರಿಯಿಸಿರುವ ಆಡಳಿತ ಪಕ್ಷದ ವಕ್ತಾರರು, ಆರೋಪಗಳು ರಾಜಕೀಯ ಪ್ರೇರಿತ ಎಂದಿದ್ದಾರೆ. ಸುದ್ದಿಗೋಷ್ಠಿಯಲ್ಲಿ ಜಿಲ್ಲಾ ಘಟಕದ ಅಧ್ಯಕ್ಷರು ಸೇರಿದಂತೆ ಹಲವರು ಉಪಸ್ಥಿತರಿದ್ದರು.
